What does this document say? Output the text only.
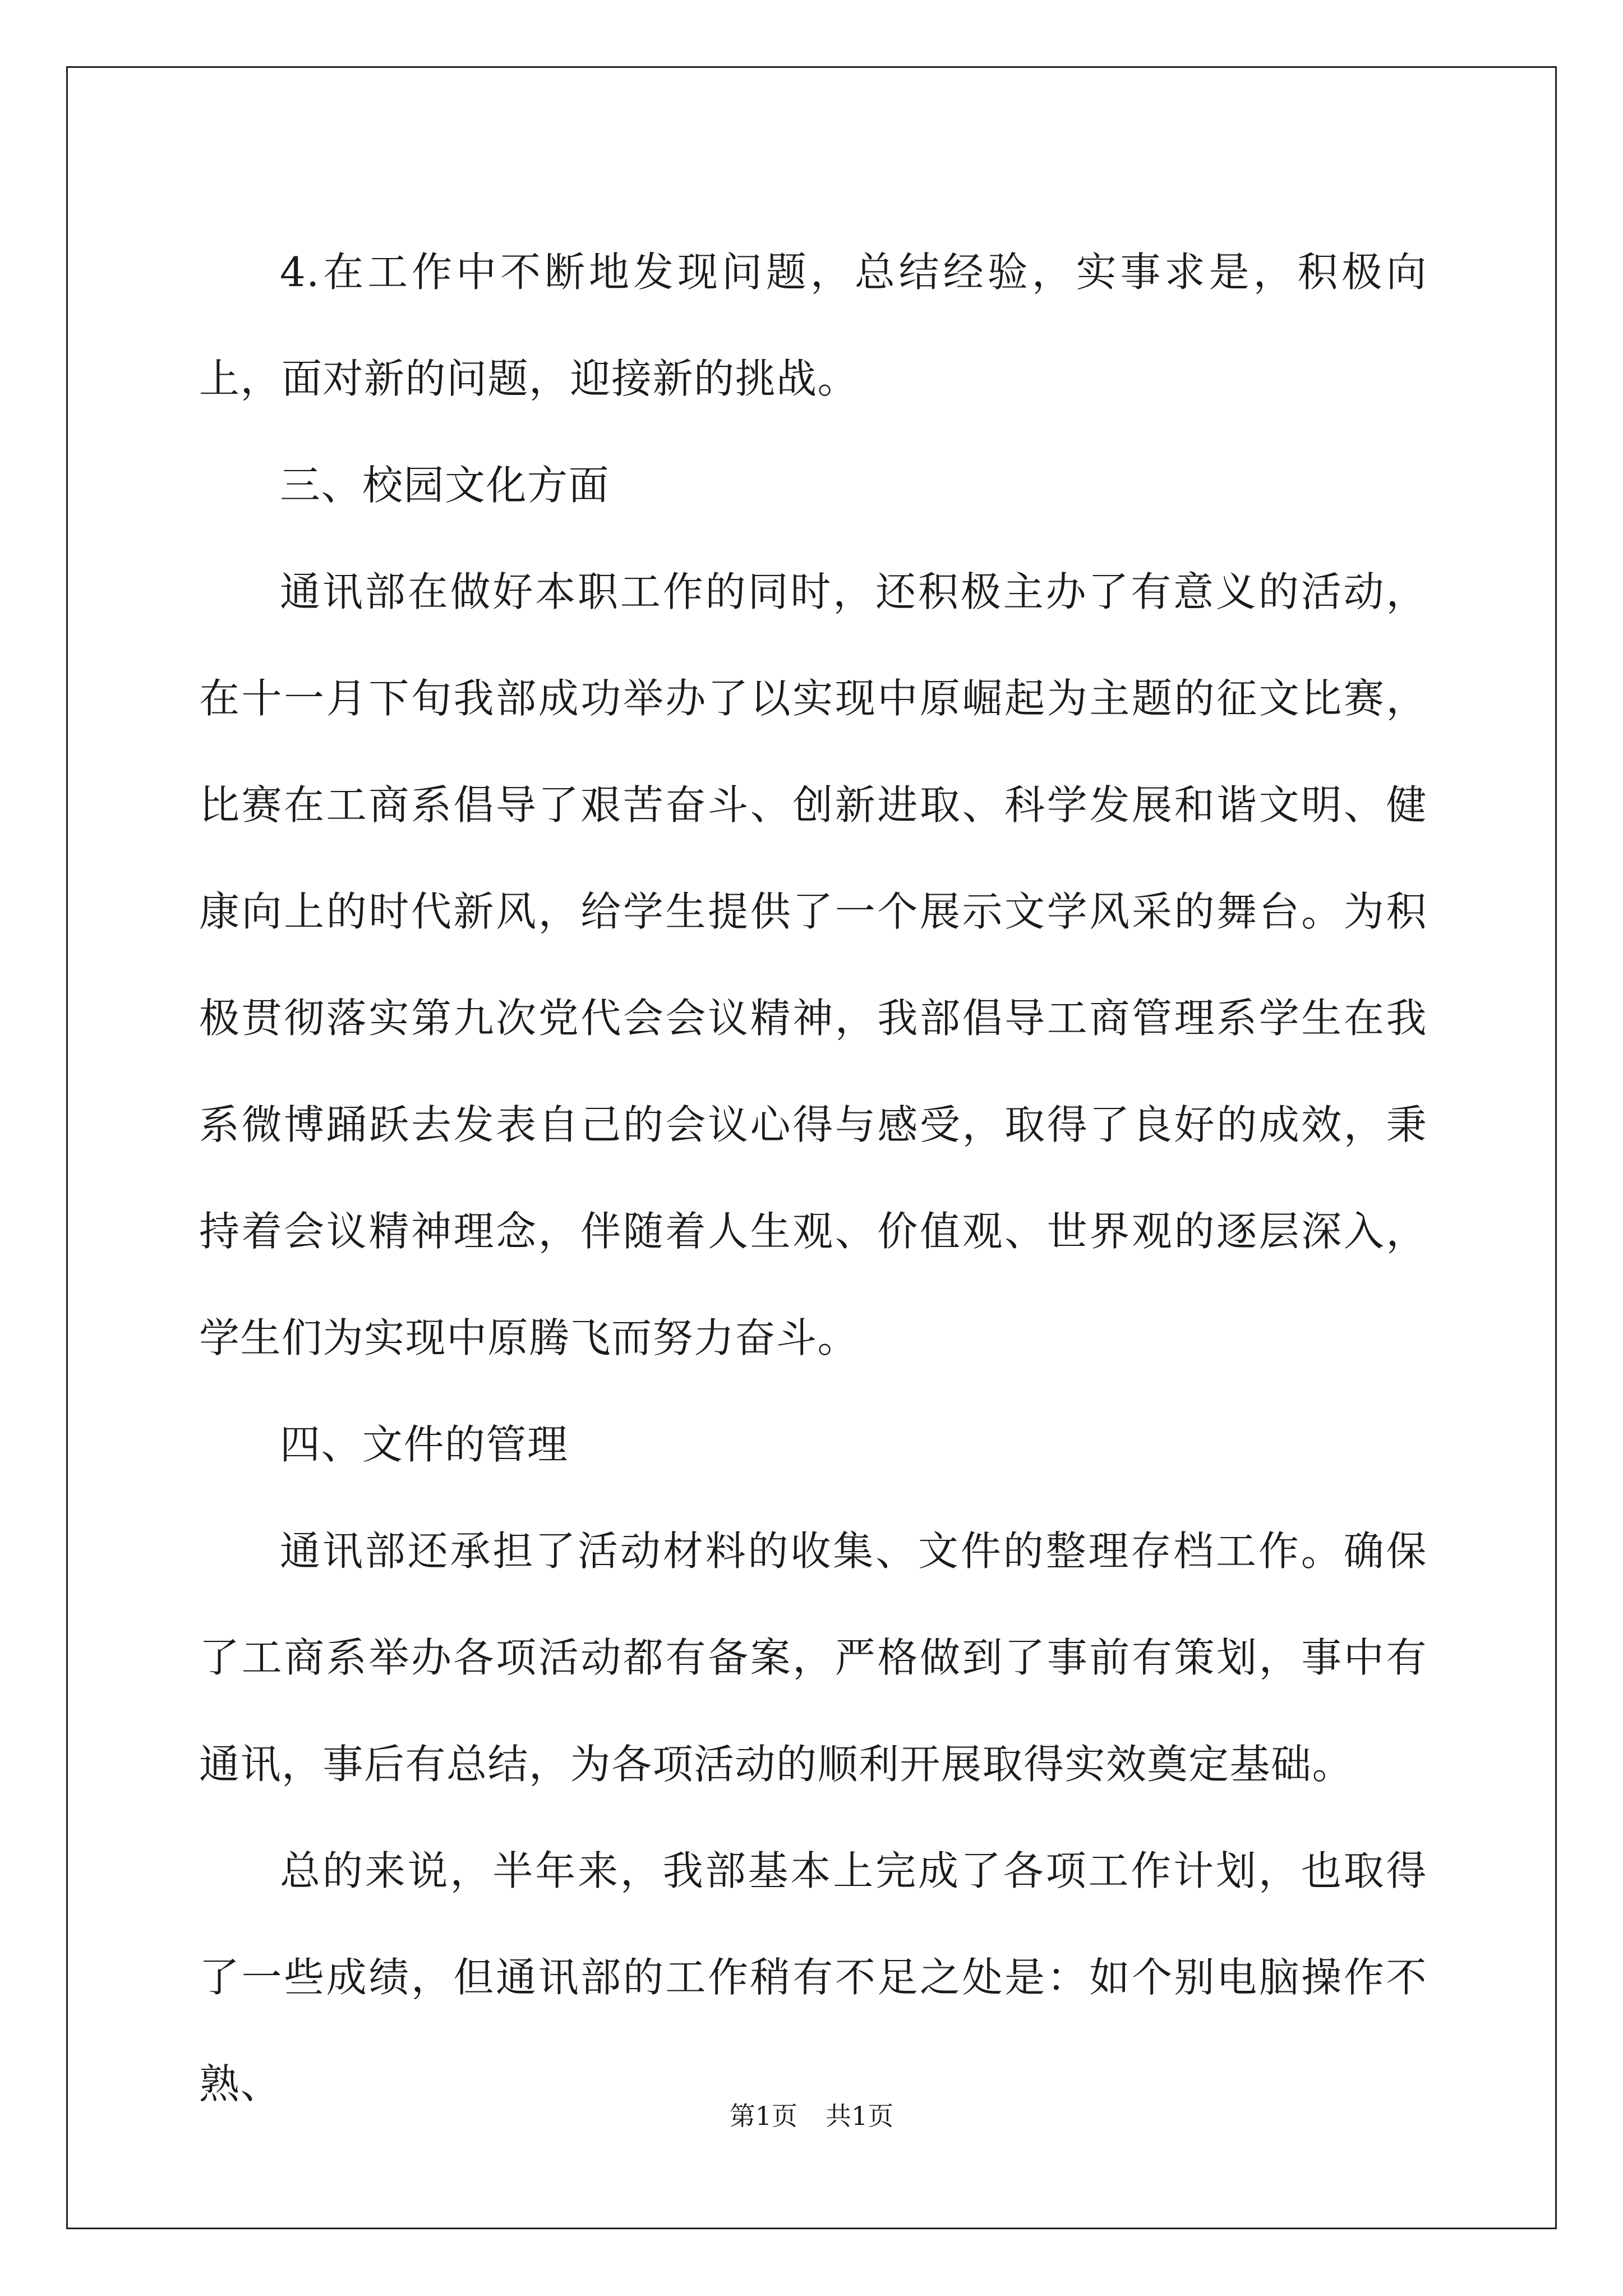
4.在工作中不断地发现问题，总结经验，实事求是，积极向上，面对新的问题，迎接新的挑战。

三、校园文化方面

通讯部在做好本职工作的同时，还积极主办了有意义的活动，在十一月下旬我部成功举办了以实现中原崛起为主题的征文比赛，比赛在工商系倡导了艰苦奋斗、创新进取、科学发展和谐文明、健康向上的时代新风，给学生提供了一个展示文学风采的舞台。为积极贯彻落实第九次党代会会议精神，我部倡导工商管理系学生在我系微博踊跃去发表自己的会议心得与感受，取得了良好的成效，秉持着会议精神理念，伴随着人生观、价值观、世界观的逐层深入，学生们为实现中原腾飞而努力奋斗。

四、文件的管理

通讯部还承担了活动材料的收集、文件的整理存档工作。确保了工商系举办各项活动都有备案，严格做到了事前有策划，事中有通讯，事后有总结，为各项活动的顺利开展取得实效奠定基础。

总的来说，半年来，我部基本上完成了各项工作计划，也取得了一些成绩，但通讯部的工作稍有不足之处是：如个别电脑操作不熟、

第1页 共1页
